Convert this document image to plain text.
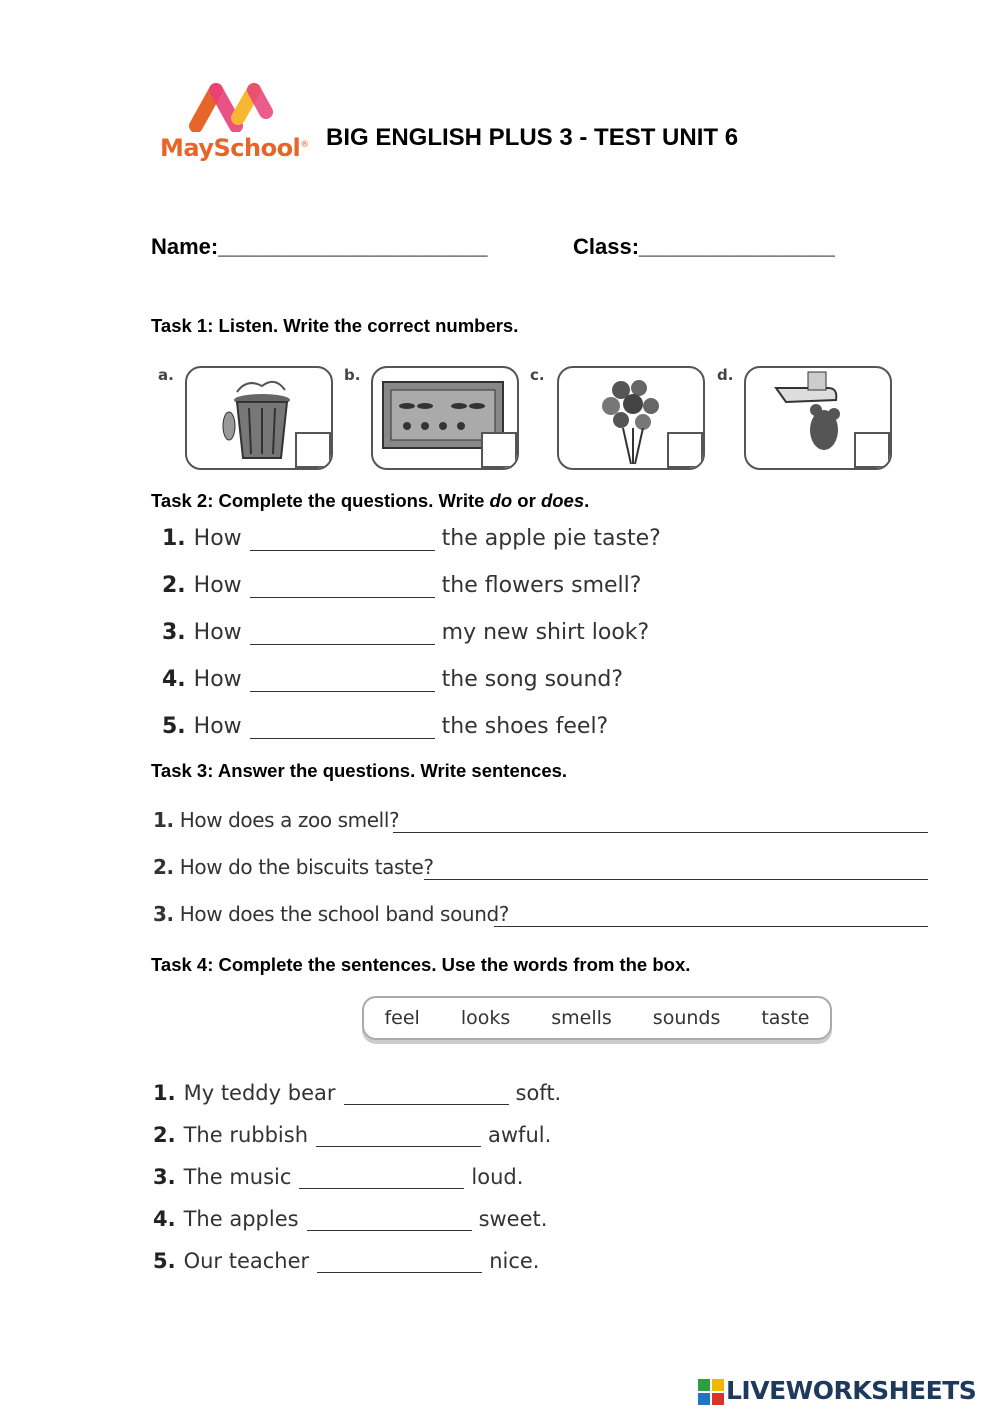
MaySchool® BIG ENGLISH PLUS 3 - TEST UNIT 6
Name:______________________	Class:________________
Task 1: Listen. Write the correct numbers.
a.	b.	c.	d.
Task 2: Complete the questions. Write do or does.
1. How	the apple pie taste?
2. How	the flowers smell?
3. How	my new shirt look?
4. How	the song sound?
5. How	the shoes feel?
Task 3: Answer the questions. Write sentences.
1. How does a zoo smell?
2. How do the biscuits taste?
3. How does the school band sound?
Task 4: Complete the sentences. Use the words from the box.
feel looks smells sounds taste
1. My teddy bear	soft.
2. The rubbish	awful.
3. The music	loud.
4. The apples	sweet.
5. Our teacher	nice.
LIVEWORKSHEETS
